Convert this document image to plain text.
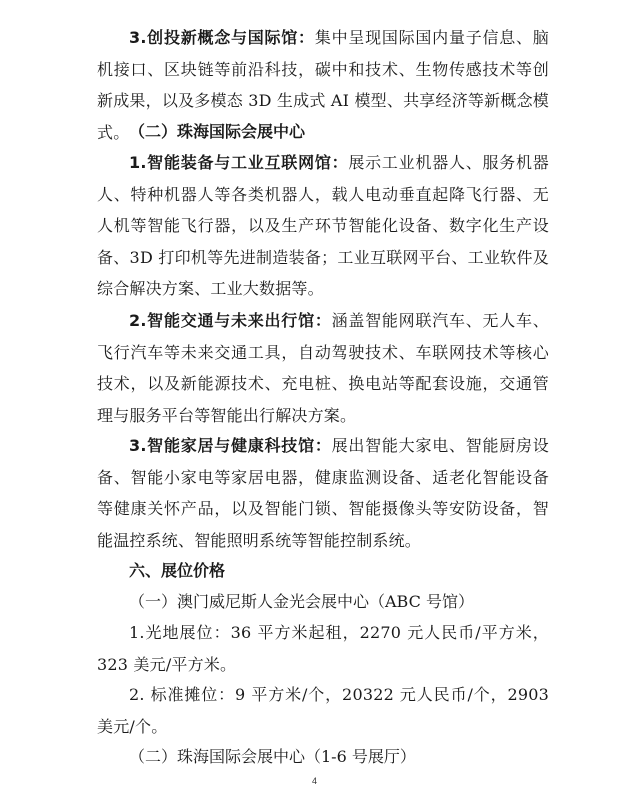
3.创投新概念与国际馆：集中呈现国际国内量子信息、脑机接口、区块链等前沿科技，碳中和技术、生物传感技术等创新成果，以及多模态 3D 生成式 AI 模型、共享经济等新概念模式。 （二）珠海国际会展中心

1.智能装备与工业互联网馆：展示工业机器人、服务机器人、特种机器人等各类机器人，载人电动垂直起降飞行器、无人机等智能飞行器，以及生产环节智能化设备、数字化生产设备、3D 打印机等先进制造装备；工业互联网平台、工业软件及综合解决方案、工业大数据等。

2.智能交通与未来出行馆：涵盖智能网联汽车、无人车、飞行汽车等未来交通工具，自动驾驶技术、车联网技术等核心技术，以及新能源技术、充电桩、换电站等配套设施，交通管理与服务平台等智能出行解决方案。

3.智能家居与健康科技馆：展出智能大家电、智能厨房设备、智能小家电等家居电器，健康监测设备、适老化智能设备等健康关怀产品，以及智能门锁、智能摄像头等安防设备，智能温控系统、智能照明系统等智能控制系统。

六、展位价格

（一）澳门威尼斯人金光会展中心（ABC 号馆）

1.光地展位：36 平方米起租，2270 元人民币/平方米，323 美元/平方米。

2. 标准摊位：9 平方米/个，20322 元人民币/个，2903 美元/个。

（二）珠海国际会展中心（1-6 号展厅）

4
